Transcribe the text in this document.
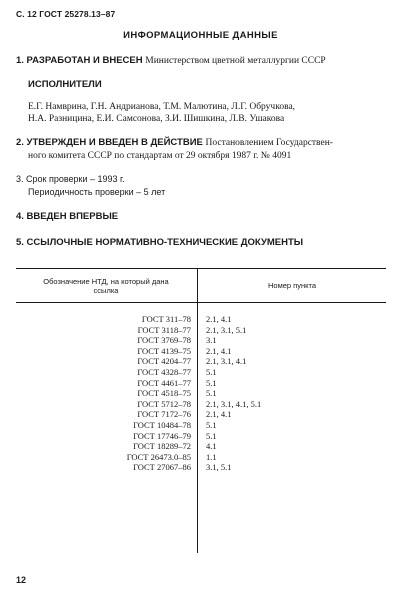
С. 12 ГОСТ 25278.13–87
ИНФОРМАЦИОННЫЕ ДАННЫЕ
1. РАЗРАБОТАН И ВНЕСЕН Министерством цветной металлургии СССР
ИСПОЛНИТЕЛИ
Е.Г. Намврина, Г.Н. Андрианова, Т.М. Малютина, Л.Г. Обручкова,
Н.А. Разницина, Е.И. Самсонова, З.И. Шишкина, Л.В. Ушакова
2. УТВЕРЖДЕН И ВВЕДЕН В ДЕЙСТВИЕ Постановлением Государствен-
ного комитета СССР по стандартам от 29 октября 1987 г. № 4091
3. Срок проверки – 1993 г.
Периодичность проверки – 5 лет
4. ВВЕДЕН ВПЕРВЫЕ
5. ССЫЛОЧНЫЕ НОРМАТИВНО-ТЕХНИЧЕСКИЕ ДОКУМЕНТЫ
Обозначение НТД, на который дана
ссылка
Номер пункта
ГОСТ 311–78
ГОСТ 3118–77
ГОСТ 3769–78
ГОСТ 4139–75
ГОСТ 4204–77
ГОСТ 4328–77
ГОСТ 4461–77
ГОСТ 4518–75
ГОСТ 5712–78
ГОСТ 7172–76
ГОСТ 10484–78
ГОСТ 17746–79
ГОСТ 18289–72
ГОСТ 26473.0–85
ГОСТ 27067–86
2.1, 4.1
2.1, 3.1, 5.1
3.1
2.1, 4.1
2.1, 3.1, 4.1
5.1
5.1
5.1
2.1, 3.1, 4.1, 5.1
2.1, 4.1
5.1
5.1
4.1
1.1
3.1, 5.1
12
